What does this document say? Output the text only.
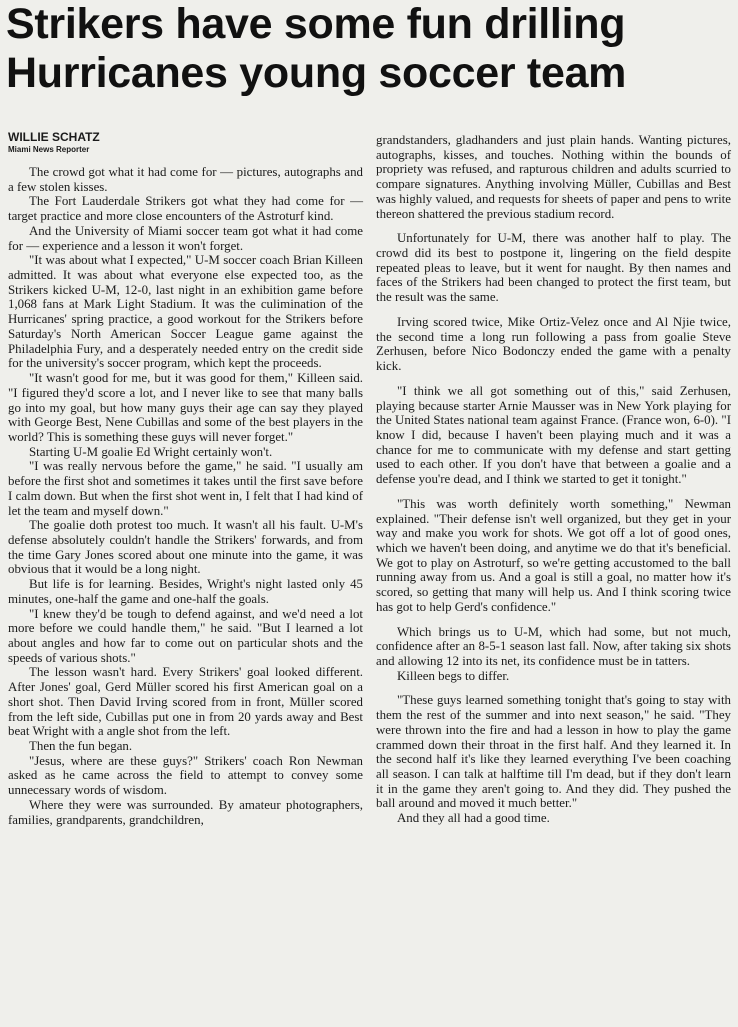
Strikers have some fun drilling
Hurricanes young soccer team
WILLIE SCHATZ
Miami News Reporter

The crowd got what it had come for — pictures, autographs and a few stolen kisses.

The Fort Lauderdale Strikers got what they had come for — target practice and more close encounters of the Astroturf kind.

And the University of Miami soccer team got what it had come for — experience and a lesson it won't forget.

"It was about what I expected," U-M soccer coach Brian Killeen admitted. It was about what everyone else expected too, as the Strikers kicked U-M, 12-0, last night in an exhibition game before 1,068 fans at Mark Light Stadium. It was the culimination of the Hurricanes' spring practice, a good workout for the Strikers before Saturday's North American Soccer League game against the Philadelphia Fury, and a desperately needed entry on the credit side for the university's soccer program, which kept the proceeds.

"It wasn't good for me, but it was good for them," Killeen said. "I figured they'd score a lot, and I never like to see that many balls go into my goal, but how many guys their age can say they played with George Best, Nene Cubillas and some of the best players in the world? This is something these guys will never forget."

Starting U-M goalie Ed Wright certainly won't.

"I was really nervous before the game," he said. "I usually am before the first shot and sometimes it takes until the first save before I calm down. But when the first shot went in, I felt that I had kind of let the team and myself down."

The goalie doth protest too much. It wasn't all his fault. U-M's defense absolutely couldn't handle the Strikers' forwards, and from the time Gary Jones scored about one minute into the game, it was obvious that it would be a long night.

But life is for learning. Besides, Wright's night lasted only 45 minutes, one-half the game and one-half the goals.

"I knew they'd be tough to defend against, and we'd need a lot more before we could handle them," he said. "But I learned a lot about angles and how far to come out on particular shots and the speeds of various shots."

The lesson wasn't hard. Every Strikers' goal looked different. After Jones' goal, Gerd Müller scored his first American goal on a short shot. Then David Irving scored from in front, Müller scored from the left side, Cubillas put one in from 20 yards away and Best beat Wright with a angle shot from the left.

Then the fun began.

"Jesus, where are these guys?" Strikers' coach Ron Newman asked as he came across the field to attempt to convey some unnecessary words of wisdom.

Where they were was surrounded. By amateur photographers, families, grandparents, grandchildren,

grandstanders, gladhanders and just plain hands. Wanting pictures, autographs, kisses, and touches. Nothing within the bounds of propriety was refused, and rapturous children and adults scurried to compare signatures. Anything involving Müller, Cubillas and Best was highly valued, and requests for sheets of paper and pens to write thereon shattered the previous stadium record.

Unfortunately for U-M, there was another half to play. The crowd did its best to postpone it, lingering on the field despite repeated pleas to leave, but it went for naught. By then names and faces of the Strikers had been changed to protect the first team, but the result was the same.

Irving scored twice, Mike Ortiz-Velez once and Al Njie twice, the second time a long run following a pass from goalie Steve Zerhusen, before Nico Bodonczy ended the game with a penalty kick.

"I think we all got something out of this," said Zerhusen, playing because starter Arnie Mausser was in New York playing for the United States national team against France. (France won, 6-0). "I know I did, because I haven't been playing much and it was a chance for me to communicate with my defense and start getting used to each other. If you don't have that between a goalie and a defense you're dead, and I think we started to get it tonight."

"This was worth definitely worth something," Newman explained. "Their defense isn't well organized, but they get in your way and make you work for shots. We got off a lot of good ones, which we haven't been doing, and anytime we do that it's beneficial. We got to play on Astroturf, so we're getting accustomed to the ball running away from us. And a goal is still a goal, no matter how it's scored, so getting that many will help us. And I think scoring twice has got to help Gerd's confidence."

Which brings us to U-M, which had some, but not much, confidence after an 8-5-1 season last fall. Now, after taking six shots and allowing 12 into its net, its confidence must be in tatters.

Killeen begs to differ.

"These guys learned something tonight that's going to stay with them the rest of the summer and into next season," he said. "They were thrown into the fire and had a lesson in how to play the game crammed down their throat in the first half. And they learned it. In the second half it's like they learned everything I've been coaching all season. I can talk at halftime till I'm dead, but if they don't learn it in the game they aren't going to. And they did. They pushed the ball around and moved it much better."

And they all had a good time.
